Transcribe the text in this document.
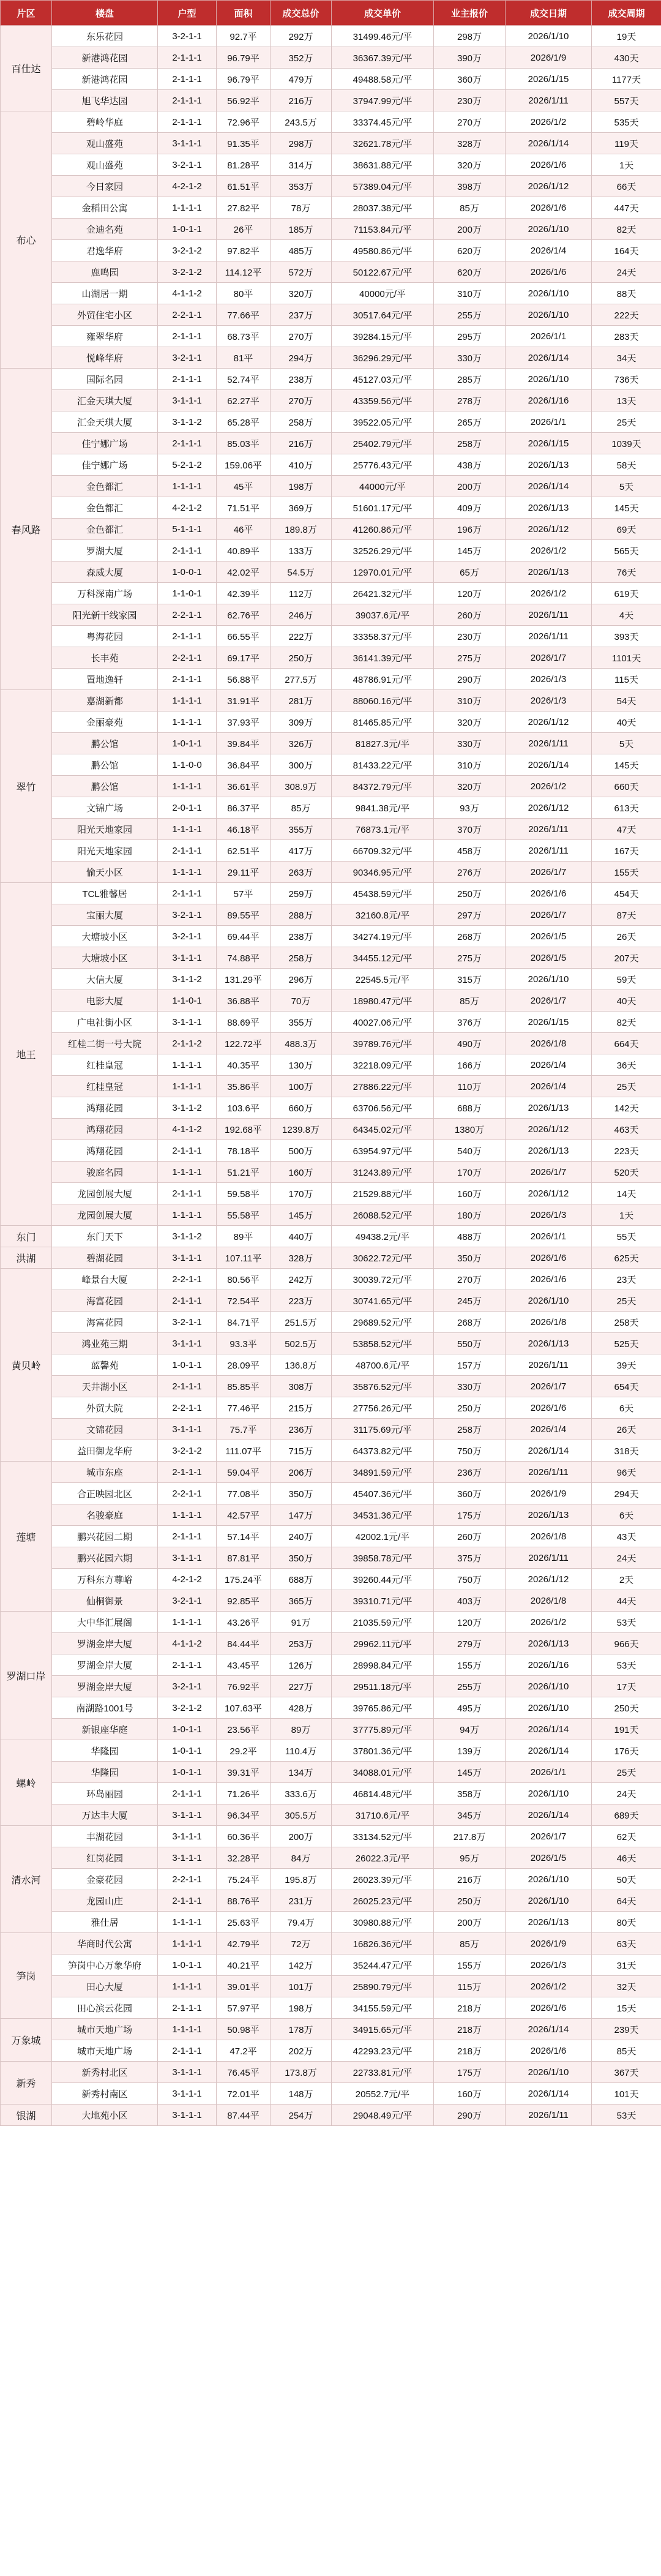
片区	楼盘	户型	面积	成交总价	成交单价	业主报价	成交日期	成交周期
百仕达	东乐花园	3-2-1-1	92.7平	292万	31499.46元/平	298万	2026/1/10	19天
	新港鸿花园	2-1-1-1	96.79平	352万	36367.39元/平	390万	2026/1/9	430天
	新港鸿花园	2-1-1-1	96.79平	479万	49488.58元/平	360万	2026/1/15	1177天
	旭飞华达园	2-1-1-1	56.92平	216万	37947.99元/平	230万	2026/1/11	557天
布心	碧岭华庭	2-1-1-1	72.96平	243.5万	33374.45元/平	270万	2026/1/2	535天
	观山盛苑	3-1-1-1	91.35平	298万	32621.78元/平	328万	2026/1/14	119天
	观山盛苑	3-2-1-1	81.28平	314万	38631.88元/平	320万	2026/1/6	1天
	今日家园	4-2-1-2	61.51平	353万	57389.04元/平	398万	2026/1/12	66天
	金稻田公寓	1-1-1-1	27.82平	78万	28037.38元/平	85万	2026/1/6	447天
	金迪名苑	1-0-1-1	26平	185万	71153.84元/平	200万	2026/1/10	82天
	君逸华府	3-2-1-2	97.82平	485万	49580.86元/平	620万	2026/1/4	164天
	鹿鸣园	3-2-1-2	114.12平	572万	50122.67元/平	620万	2026/1/6	24天
	山湖居一期	4-1-1-2	80平	320万	40000元/平	310万	2026/1/10	88天
	外贸住宅小区	2-2-1-1	77.66平	237万	30517.64元/平	255万	2026/1/10	222天
	雍翠华府	2-1-1-1	68.73平	270万	39284.15元/平	295万	2026/1/1	283天
	悦峰华府	3-2-1-1	81平	294万	36296.29元/平	330万	2026/1/14	34天
春风路	国际名园	2-1-1-1	52.74平	238万	45127.03元/平	285万	2026/1/10	736天
	汇金天琪大厦	3-1-1-1	62.27平	270万	43359.56元/平	278万	2026/1/16	13天
	汇金天琪大厦	3-1-1-2	65.28平	258万	39522.05元/平	265万	2026/1/1	25天
	佳宁娜广场	2-1-1-1	85.03平	216万	25402.79元/平	258万	2026/1/15	1039天
	佳宁娜广场	5-2-1-2	159.06平	410万	25776.43元/平	438万	2026/1/13	58天
	金色都汇	1-1-1-1	45平	198万	44000元/平	200万	2026/1/14	5天
	金色都汇	4-2-1-2	71.51平	369万	51601.17元/平	409万	2026/1/13	145天
	金色都汇	5-1-1-1	46平	189.8万	41260.86元/平	196万	2026/1/12	69天
	罗湖大厦	2-1-1-1	40.89平	133万	32526.29元/平	145万	2026/1/2	565天
	森威大厦	1-0-0-1	42.02平	54.5万	12970.01元/平	65万	2026/1/13	76天
	万科深南广场	1-1-0-1	42.39平	112万	26421.32元/平	120万	2026/1/2	619天
	阳光新干线家园	2-2-1-1	62.76平	246万	39037.6元/平	260万	2026/1/11	4天
	粤海花园	2-1-1-1	66.55平	222万	33358.37元/平	230万	2026/1/11	393天
	长丰苑	2-2-1-1	69.17平	250万	36141.39元/平	275万	2026/1/7	1101天
	置地逸轩	2-1-1-1	56.88平	277.5万	48786.91元/平	290万	2026/1/3	115天
翠竹	嘉湖新都	1-1-1-1	31.91平	281万	88060.16元/平	310万	2026/1/3	54天
	金丽豪苑	1-1-1-1	37.93平	309万	81465.85元/平	320万	2026/1/12	40天
	鹏公馆	1-0-1-1	39.84平	326万	81827.3元/平	330万	2026/1/11	5天
	鹏公馆	1-1-0-0	36.84平	300万	81433.22元/平	310万	2026/1/14	145天
	鹏公馆	1-1-1-1	36.61平	308.9万	84372.79元/平	320万	2026/1/2	660天
	文锦广场	2-0-1-1	86.37平	85万	9841.38元/平	93万	2026/1/12	613天
	阳光天地家园	1-1-1-1	46.18平	355万	76873.1元/平	370万	2026/1/11	47天
	阳光天地家园	2-1-1-1	62.51平	417万	66709.32元/平	458万	2026/1/11	167天
	愉天小区	1-1-1-1	29.11平	263万	90346.95元/平	276万	2026/1/7	155天
地王	TCL雅馨居	2-1-1-1	57平	259万	45438.59元/平	250万	2026/1/6	454天
	宝丽大厦	3-2-1-1	89.55平	288万	32160.8元/平	297万	2026/1/7	87天
	大塘坡小区	3-2-1-1	69.44平	238万	34274.19元/平	268万	2026/1/5	26天
	大塘坡小区	3-1-1-1	74.88平	258万	34455.12元/平	275万	2026/1/5	207天
	大信大厦	3-1-1-2	131.29平	296万	22545.5元/平	315万	2026/1/10	59天
	电影大厦	1-1-0-1	36.88平	70万	18980.47元/平	85万	2026/1/7	40天
	广电社街小区	3-1-1-1	88.69平	355万	40027.06元/平	376万	2026/1/15	82天
	红桂二街一号大院	2-1-1-2	122.72平	488.3万	39789.76元/平	490万	2026/1/8	664天
	红桂皇冠	1-1-1-1	40.35平	130万	32218.09元/平	166万	2026/1/4	36天
	红桂皇冠	1-1-1-1	35.86平	100万	27886.22元/平	110万	2026/1/4	25天
	鸿翔花园	3-1-1-2	103.6平	660万	63706.56元/平	688万	2026/1/13	142天
	鸿翔花园	4-1-1-2	192.68平	1239.8万	64345.02元/平	1380万	2026/1/12	463天
	鸿翔花园	2-1-1-1	78.18平	500万	63954.97元/平	540万	2026/1/13	223天
	骏庭名园	1-1-1-1	51.21平	160万	31243.89元/平	170万	2026/1/7	520天
	龙园创展大厦	2-1-1-1	59.58平	170万	21529.88元/平	160万	2026/1/12	14天
	龙园创展大厦	1-1-1-1	55.58平	145万	26088.52元/平	180万	2026/1/3	1天
东门	东门天下	3-1-1-2	89平	440万	49438.2元/平	488万	2026/1/1	55天
洪湖	碧湖花园	3-1-1-1	107.11平	328万	30622.72元/平	350万	2026/1/6	625天
黄贝岭	峰景台大厦	2-2-1-1	80.56平	242万	30039.72元/平	270万	2026/1/6	23天
	海富花园	2-1-1-1	72.54平	223万	30741.65元/平	245万	2026/1/10	25天
	海富花园	3-2-1-1	84.71平	251.5万	29689.52元/平	268万	2026/1/8	258天
	鸿业苑三期	3-1-1-1	93.3平	502.5万	53858.52元/平	550万	2026/1/13	525天
	蓝馨苑	1-0-1-1	28.09平	136.8万	48700.6元/平	157万	2026/1/11	39天
	天井湖小区	2-1-1-1	85.85平	308万	35876.52元/平	330万	2026/1/7	654天
	外贸大院	2-2-1-1	77.46平	215万	27756.26元/平	250万	2026/1/6	6天
	文锦花园	3-1-1-1	75.7平	236万	31175.69元/平	258万	2026/1/4	26天
	益田御龙华府	3-2-1-2	111.07平	715万	64373.82元/平	750万	2026/1/14	318天
莲塘	城市东座	2-1-1-1	59.04平	206万	34891.59元/平	236万	2026/1/11	96天
	合正映园北区	2-2-1-1	77.08平	350万	45407.36元/平	360万	2026/1/9	294天
	名骏豪庭	1-1-1-1	42.57平	147万	34531.36元/平	175万	2026/1/13	6天
	鹏兴花园二期	2-1-1-1	57.14平	240万	42002.1元/平	260万	2026/1/8	43天
	鹏兴花园六期	3-1-1-1	87.81平	350万	39858.78元/平	375万	2026/1/11	24天
	万科东方尊峪	4-2-1-2	175.24平	688万	39260.44元/平	750万	2026/1/12	2天
	仙桐御景	3-2-1-1	92.85平	365万	39310.71元/平	403万	2026/1/8	44天
罗湖口岸	大中华汇展阁	1-1-1-1	43.26平	91万	21035.59元/平	120万	2026/1/2	53天
	罗湖金岸大厦	4-1-1-2	84.44平	253万	29962.11元/平	279万	2026/1/13	966天
	罗湖金岸大厦	2-1-1-1	43.45平	126万	28998.84元/平	155万	2026/1/16	53天
	罗湖金岸大厦	3-2-1-1	76.92平	227万	29511.18元/平	255万	2026/1/10	17天
	南湖路1001号	3-2-1-2	107.63平	428万	39765.86元/平	495万	2026/1/10	250天
	新银座华庭	1-0-1-1	23.56平	89万	37775.89元/平	94万	2026/1/14	191天
螺岭	华隆园	1-0-1-1	29.2平	110.4万	37801.36元/平	139万	2026/1/14	176天
	华隆园	1-0-1-1	39.31平	134万	34088.01元/平	145万	2026/1/1	25天
	环岛丽园	2-1-1-1	71.26平	333.6万	46814.48元/平	358万	2026/1/10	24天
	万达丰大厦	3-1-1-1	96.34平	305.5万	31710.6元/平	345万	2026/1/14	689天
清水河	丰湖花园	3-1-1-1	60.36平	200万	33134.52元/平	217.8万	2026/1/7	62天
	红岗花园	3-1-1-1	32.28平	84万	26022.3元/平	95万	2026/1/5	46天
	金豪花园	2-2-1-1	75.24平	195.8万	26023.39元/平	216万	2026/1/10	50天
	龙园山庄	2-1-1-1	88.76平	231万	26025.23元/平	250万	2026/1/10	64天
	雅仕居	1-1-1-1	25.63平	79.4万	30980.88元/平	200万	2026/1/13	80天
笋岗	华商时代公寓	1-1-1-1	42.79平	72万	16826.36元/平	85万	2026/1/9	63天
	笋岗中心万象华府	1-0-1-1	40.21平	142万	35244.47元/平	155万	2026/1/3	31天
	田心大厦	1-1-1-1	39.01平	101万	25890.79元/平	115万	2026/1/2	32天
	田心滨云花园	2-1-1-1	57.97平	198万	34155.59元/平	218万	2026/1/6	15天
万象城	城市天地广场	1-1-1-1	50.98平	178万	34915.65元/平	218万	2026/1/14	239天
	城市天地广场	2-1-1-1	47.2平	202万	42293.23元/平	218万	2026/1/6	85天
新秀	新秀村北区	3-1-1-1	76.45平	173.8万	22733.81元/平	175万	2026/1/10	367天
	新秀村南区	3-1-1-1	72.01平	148万	20552.7元/平	160万	2026/1/14	101天
银湖	大地苑小区	3-1-1-1	87.44平	254万	29048.49元/平	290万	2026/1/11	53天
